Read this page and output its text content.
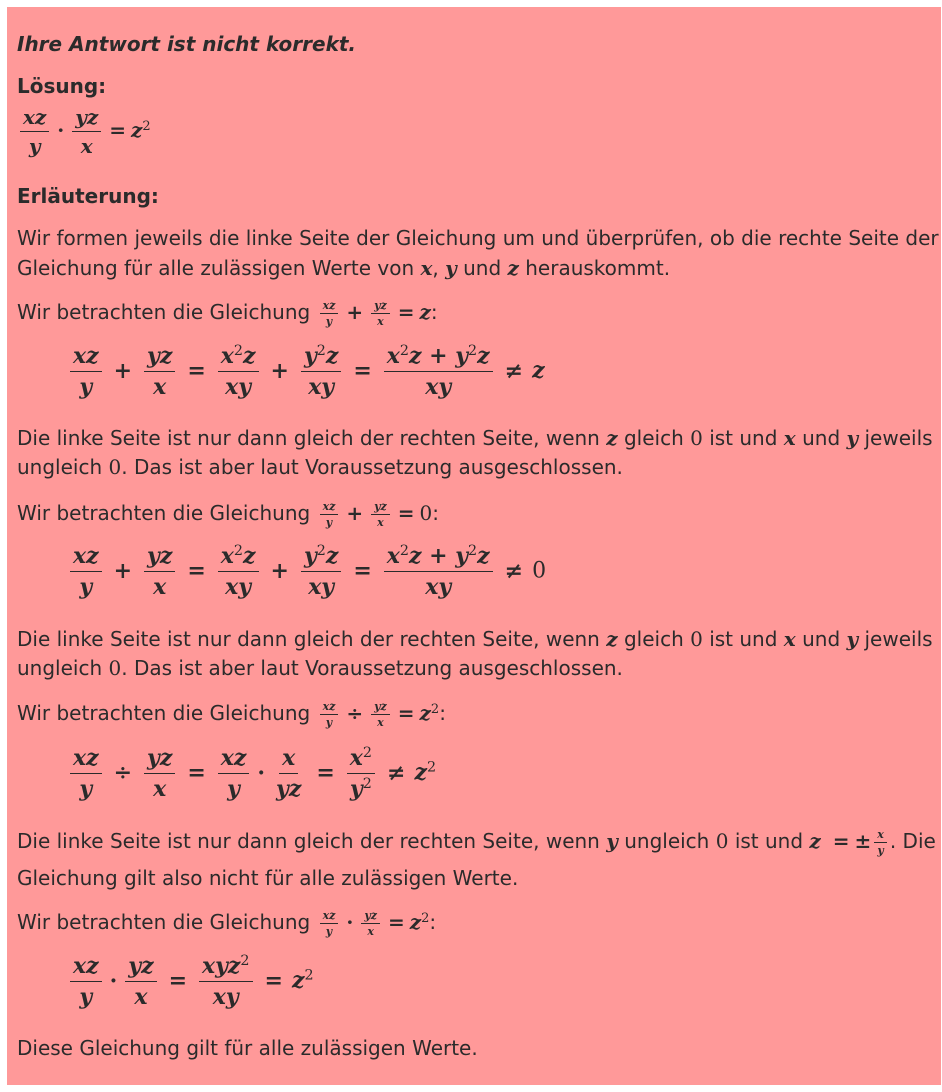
Ihre Antwort ist nicht korrekt.
Lösung:
$\frac{xz}{y} \cdot \frac{yz}{x} = z^2$
Erläuterung:
Wir formen jeweils die linke Seite der Gleichung um und überprüfen, ob die rechte Seite der
Gleichung für alle zulässigen Werte von x, y und z herauskommt.
Wir betrachten die Gleichung $\frac{xz}{y} + \frac{yz}{x} = z$:
$\frac{xz}{y} + \frac{yz}{x} = \frac{x^2z}{xy} + \frac{y^2z}{xy} = \frac{x^2z + y^2z}{xy} \ne z$
Die linke Seite ist nur dann gleich der rechten Seite, wenn z gleich 0 ist und x und y jeweils
ungleich 0. Das ist aber laut Voraussetzung ausgeschlossen.
Wir betrachten die Gleichung $\frac{xz}{y} + \frac{yz}{x} = 0$:
$\frac{xz}{y} + \frac{yz}{x} = \frac{x^2z}{xy} + \frac{y^2z}{xy} = \frac{x^2z + y^2z}{xy} \ne 0$
Die linke Seite ist nur dann gleich der rechten Seite, wenn z gleich 0 ist und x und y jeweils
ungleich 0. Das ist aber laut Voraussetzung ausgeschlossen.
Wir betrachten die Gleichung $\frac{xz}{y} \div \frac{yz}{x} = z^2$:
$\frac{xz}{y} \div \frac{yz}{x} = \frac{xz}{y} \cdot \frac{x}{yz} = \frac{x^2}{y^2} \ne z^2$
Die linke Seite ist nur dann gleich der rechten Seite, wenn y ungleich 0 ist und z = ± $\frac{x}{y}$ . Die
Gleichung gilt also nicht für alle zulässigen Werte.
Wir betrachten die Gleichung $\frac{xz}{y} \cdot \frac{yz}{x} = z^2$:
$\frac{xz}{y} \cdot \frac{yz}{x} = \frac{xyz^2}{xy} = z^2$
Diese Gleichung gilt für alle zulässigen Werte.
